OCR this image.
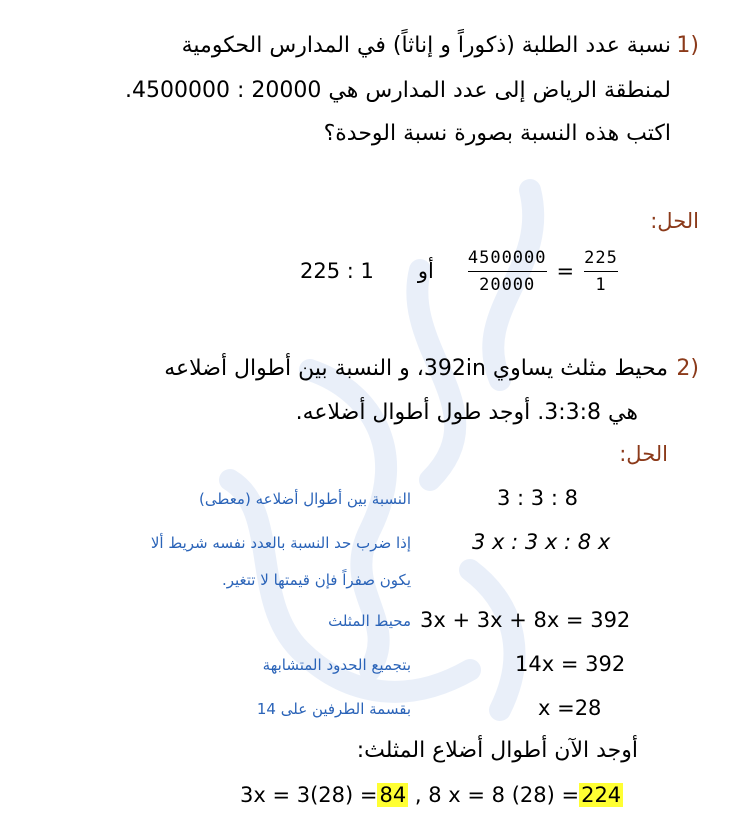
نسبة عدد الطلبة (ذكوراً و إناثاً) في المدارس الحكومية 1)
لمنطقة الرياض إلى عدد المدارس هي 20000 : 4500000.
اكتب هذه النسبة بصورة نسبة الوحدة؟
الحل:
225 : 1 أو $\frac{4500000}{20000} = \frac{225}{1}$
2)
محيط مثلث يساوي 392in، و النسبة بين أطوال أضلاعه
هي 3:3:8. أوجد طول أطوال أضلاعه.
الحل:
3 : 3 : 8
النسبة بين أطوال أضلاعه (معطى)
3 x : 3 x : 8 x
إذا ضرب حد النسبة بالعدد نفسه شريط ألا
يكون صفراً فإن قيمتها لا تتغير.
3x + 3x + 8x = 392
محيط المثلث
14x = 392
بتجميع الحدود المتشابهة
x =28
بقسمة الطرفين على 14
أوجد الآن أطوال أضلاع المثلث:
3x = 3(28) =84 , 8 x = 8 (28) =224
